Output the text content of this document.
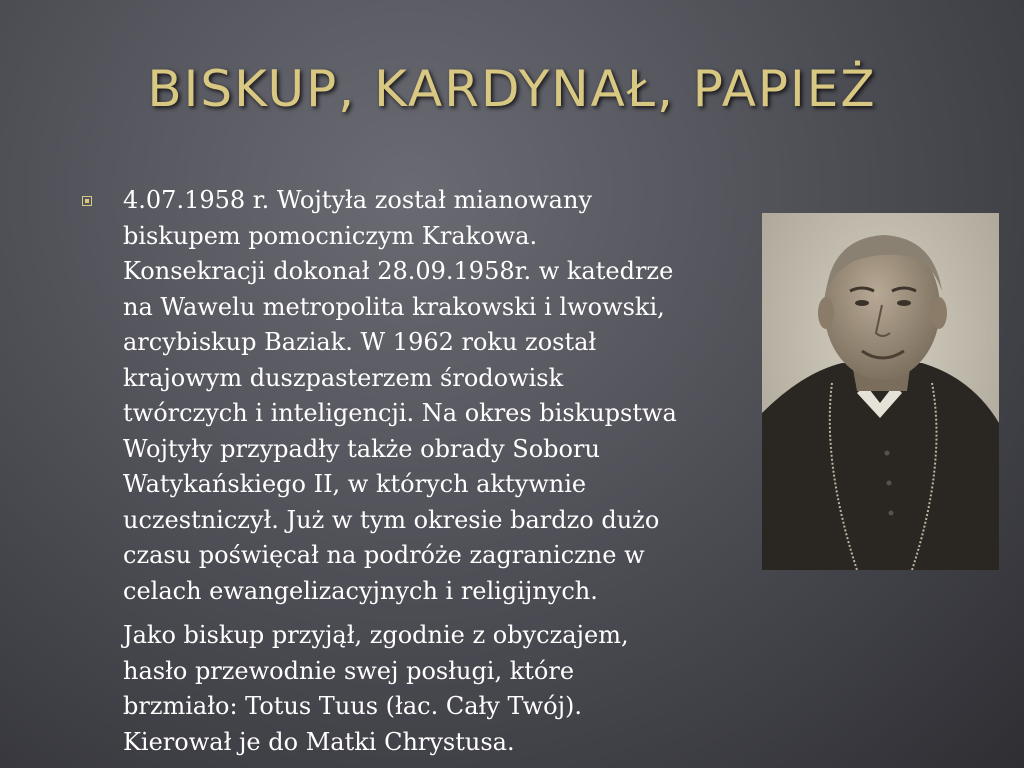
BISKUP, KARDYNAŁ, PAPIEŻ

4.07.1958 r. Wojtyła został mianowany
biskupem pomocniczym Krakowa.
Konsekracji dokonał 28.09.1958r. w katedrze
na Wawelu metropolita krakowski i lwowski,
arcybiskup Baziak. W 1962 roku został
krajowym duszpasterzem środowisk
twórczych i inteligencji. Na okres biskupstwa
Wojtyły przypadły także obrady Soboru
Watykańskiego II, w których aktywnie
uczestniczył. Już w tym okresie bardzo dużo
czasu poświęcał na podróże zagraniczne w
celach ewangelizacyjnych i religijnych.

Jako biskup przyjął, zgodnie z obyczajem,
hasło przewodnie swej posługi, które
brzmiało: Totus Tuus (łac. Cały Twój).
Kierował je do Matki Chrystusa.
